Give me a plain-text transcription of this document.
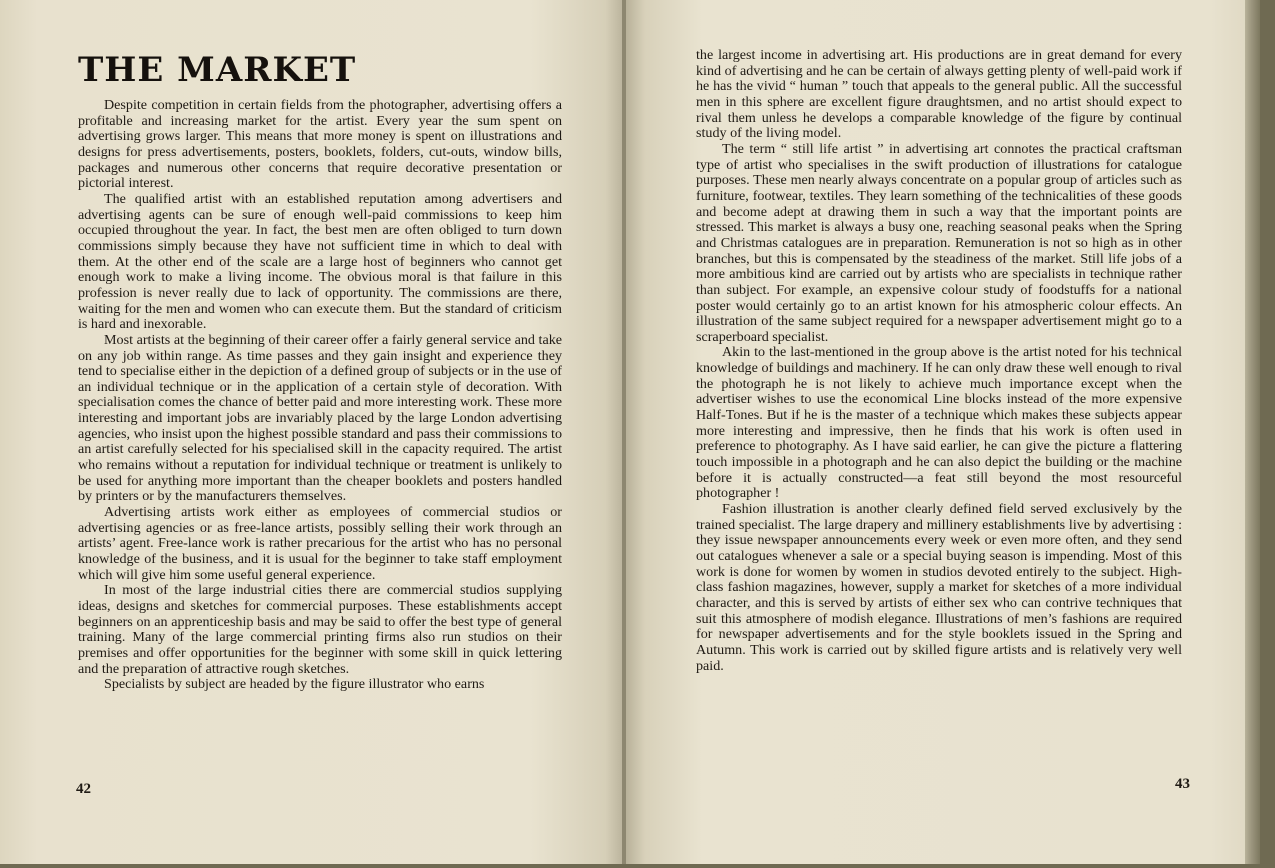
THE MARKET

Despite competition in certain fields from the photographer, advertising offers a profitable and increasing market for the artist. Every year the sum spent on advertising grows larger. This means that more money is spent on illustrations and designs for press advertisements, posters, booklets, folders, cut-outs, window bills, packages and numerous other concerns that require decorative presentation or pictorial interest.

The qualified artist with an established reputation among advertisers and advertising agents can be sure of enough well-paid commissions to keep him occupied throughout the year. In fact, the best men are often obliged to turn down commissions simply because they have not sufficient time in which to deal with them. At the other end of the scale are a large host of beginners who cannot get enough work to make a living income. The obvious moral is that failure in this profession is never really due to lack of opportunity. The commissions are there, waiting for the men and women who can execute them. But the standard of criticism is hard and inexorable.

Most artists at the beginning of their career offer a fairly general service and take on any job within range. As time passes and they gain insight and experience they tend to specialise either in the depiction of a defined group of subjects or in the use of an individual technique or in the application of a certain style of decoration. With specialisation comes the chance of better paid and more interesting work. These more interesting and important jobs are invariably placed by the large London advertising agencies, who insist upon the highest possible standard and pass their commissions to an artist carefully selected for his specialised skill in the capacity required. The artist who remains without a reputation for individual technique or treatment is unlikely to be used for anything more important than the cheaper booklets and posters handled by printers or by the manufacturers themselves.

Advertising artists work either as employees of commercial studios or advertising agencies or as free-lance artists, possibly selling their work through an artists’ agent. Free-lance work is rather precarious for the artist who has no personal knowledge of the business, and it is usual for the beginner to take staff employment which will give him some useful general experience.

In most of the large industrial cities there are commercial studios supplying ideas, designs and sketches for commercial purposes. These establishments accept beginners on an apprenticeship basis and may be said to offer the best type of general training. Many of the large commercial printing firms also run studios on their premises and offer opportunities for the beginner with some skill in quick lettering and the preparation of attractive rough sketches.

Specialists by subject are headed by the figure illustrator who earns

42

the largest income in advertising art. His productions are in great demand for every kind of advertising and he can be certain of always getting plenty of well-paid work if he has the vivid “ human ” touch that appeals to the general public. All the successful men in this sphere are excellent figure draughtsmen, and no artist should expect to rival them unless he develops a comparable knowledge of the figure by continual study of the living model.

The term “ still life artist ” in advertising art connotes the practical craftsman type of artist who specialises in the swift production of illustrations for catalogue purposes. These men nearly always concentrate on a popular group of articles such as furniture, footwear, textiles. They learn something of the technicalities of these goods and become adept at drawing them in such a way that the important points are stressed. This market is always a busy one, reaching seasonal peaks when the Spring and Christmas catalogues are in preparation. Remuneration is not so high as in other branches, but this is compensated by the steadiness of the market. Still life jobs of a more ambitious kind are carried out by artists who are specialists in technique rather than subject. For example, an expensive colour study of foodstuffs for a national poster would certainly go to an artist known for his atmospheric colour effects. An illustration of the same subject required for a newspaper advertisement might go to a scraperboard specialist.

Akin to the last-mentioned in the group above is the artist noted for his technical knowledge of buildings and machinery. If he can only draw these well enough to rival the photograph he is not likely to achieve much importance except when the advertiser wishes to use the economical Line blocks instead of the more expensive Half-Tones. But if he is the master of a technique which makes these subjects appear more interesting and impressive, then he finds that his work is often used in preference to photography. As I have said earlier, he can give the picture a flattering touch impossible in a photograph and he can also depict the building or the machine before it is actually constructed—a feat still beyond the most resourceful photographer !

Fashion illustration is another clearly defined field served exclusively by the trained specialist. The large drapery and millinery establishments live by advertising : they issue newspaper announcements every week or even more often, and they send out catalogues whenever a sale or a special buying season is impending. Most of this work is done for women by women in studios devoted entirely to the subject. High-class fashion magazines, however, supply a market for sketches of a more individual character, and this is served by artists of either sex who can contrive techniques that suit this atmosphere of modish elegance. Illustrations of men’s fashions are required for newspaper advertisements and for the style booklets issued in the Spring and Autumn. This work is carried out by skilled figure artists and is relatively very well paid.

43
